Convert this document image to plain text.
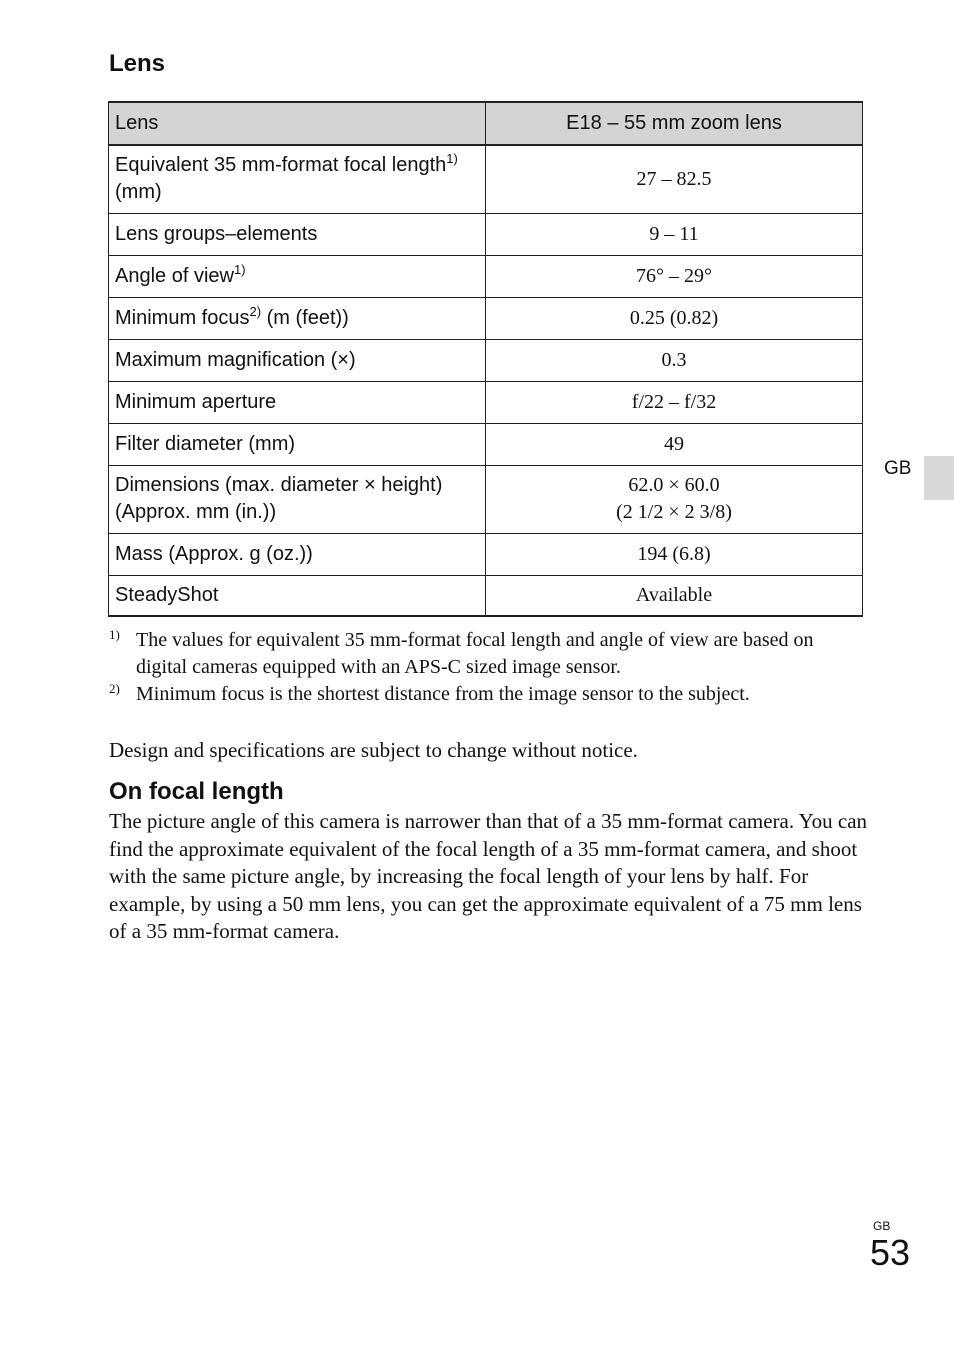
Lens
Lens	E18 – 55 mm zoom lens
Equivalent 35 mm-format focal length$^{1)}$ (mm)	27 – 82.5
Lens groups–elements	9 – 11
Angle of view$^{1)}$	76° – 29°
Minimum focus$^{2)}$ (m (feet))	0.25 (0.82)
Maximum magnification (×)	0.3
Minimum aperture	f/22 – f/32
Filter diameter (mm)	49
Dimensions (max. diameter × height) (Approx. mm (in.))	62.0 × 60.0
(2 1/2 × 2 3/8)

Mass (Approx. g (oz.))	194 (6.8)
SteadyShot	Available

1) The values for equivalent 35 mm-format focal length and angle of view are based on digital cameras equipped with an APS-C sized image sensor.

2) Minimum focus is the shortest distance from the image sensor to the subject.

Design and specifications are subject to change without notice.

On focal length

The picture angle of this camera is narrower than that of a 35 mm-format camera. You can find the approximate equivalent of the focal length of a 35 mm-format camera, and shoot with the same picture angle, by increasing the focal length of your lens by half. For example, by using a 50 mm lens, you can get the approximate equivalent of a 75 mm lens of a 35 mm-format camera.

GB
GB
53
